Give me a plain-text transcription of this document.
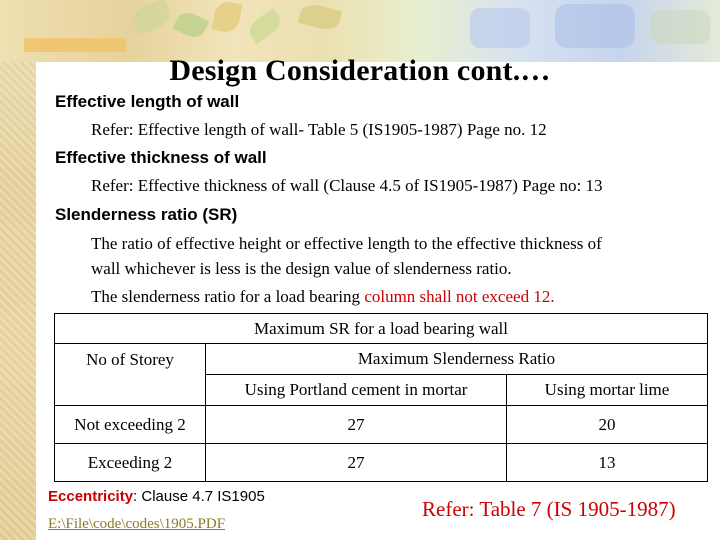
Design Consideration cont.…
Effective length of wall
Refer: Effective length of wall- Table 5 (IS1905-1987) Page no. 12
Effective thickness of wall
Refer: Effective thickness of wall (Clause 4.5 of IS1905-1987) Page no: 13
Slenderness ratio (SR)
The ratio of effective height or effective length to the effective thickness of
wall whichever is less is the design value of slenderness ratio.
The slenderness ratio for a load bearing column shall not exceed 12.
Maximum SR for a load bearing wall		
No of Storey	Maximum Slenderness Ratio	
	Using Portland cement in mortar	Using mortar lime
Not exceeding 2	27	20
Exceeding 2	27	13
Eccentricity: Clause 4.7 IS1905
E:\File\code\codes\1905.PDF
Refer: Table 7 (IS 1905-1987)
